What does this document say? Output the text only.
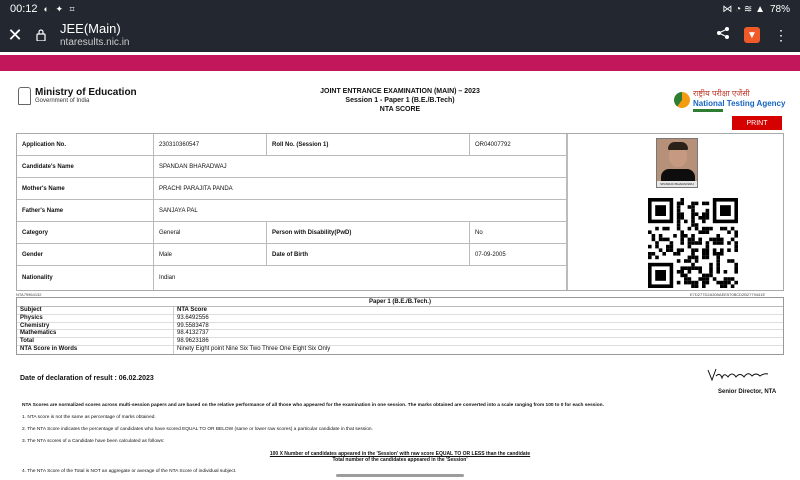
00:12 ◐ ✦ ⌗	⋈ ◔ ≋ ▲ 78%
✕	JEE(Main)
ntaresults.nic.in
▼ ⋮
Ministry of Education
Government of India
JOINT ENTRANCE EXAMINATION (MAIN) – 2023
Session 1 - Paper 1 (B.E./B.Tech)
NTA SCORE
राष्ट्रीय परीक्षा एजेंसी
National Testing Agency
PRINT
Application No.	230310360547	Roll No. (Session 1)	OR04007792
Candidate's Name	SPANDAN BHARADWAJ
Mother's Name	PRACHI PARAJITA PANDA
Father's Name	SANJAYA PAL
Category	General	Person with Disability(PwD)	No
Gender	Male	Date of Birth	07-09-2005
Nationality	Indian
SPANDAN BHARADWAJ
NTA79964132	E7D277D2A305AEE570BCD2B2779441E
Paper 1 (B.E./B.Tech.)
Subject	NTA Score
Physics	93.6492556
Chemistry	99.5583478
Mathematics	98.4132737
Total	98.9623186
NTA Score in Words	Ninety Eight point Nine Six Two Three One Eight Six Only
Date of declaration of result : 06.02.2023
Senior Director, NTA
NTA Scores are normalized scores across multi-session papers and are based on the relative performance of all those who appeared for the examination in one session. The marks obtained are converted into a scale ranging from 100 to 0 for each session.
1. NTA score is not the same as percentage of marks obtained.
2. The NTA Score indicates the percentage of candidates who have scored EQUAL TO OR BELOW (same or lower raw scores) a particular candidate in that session.
3. The NTA scores of a Candidate have been calculated as follows:
100 X Number of candidates appeared in the 'Session' with raw score EQUAL TO OR LESS than the candidate
Total number of the candidates appeared in the 'Session'
4. The NTA Score of the Total is NOT an aggregate or average of the NTA Score of individual subject.
